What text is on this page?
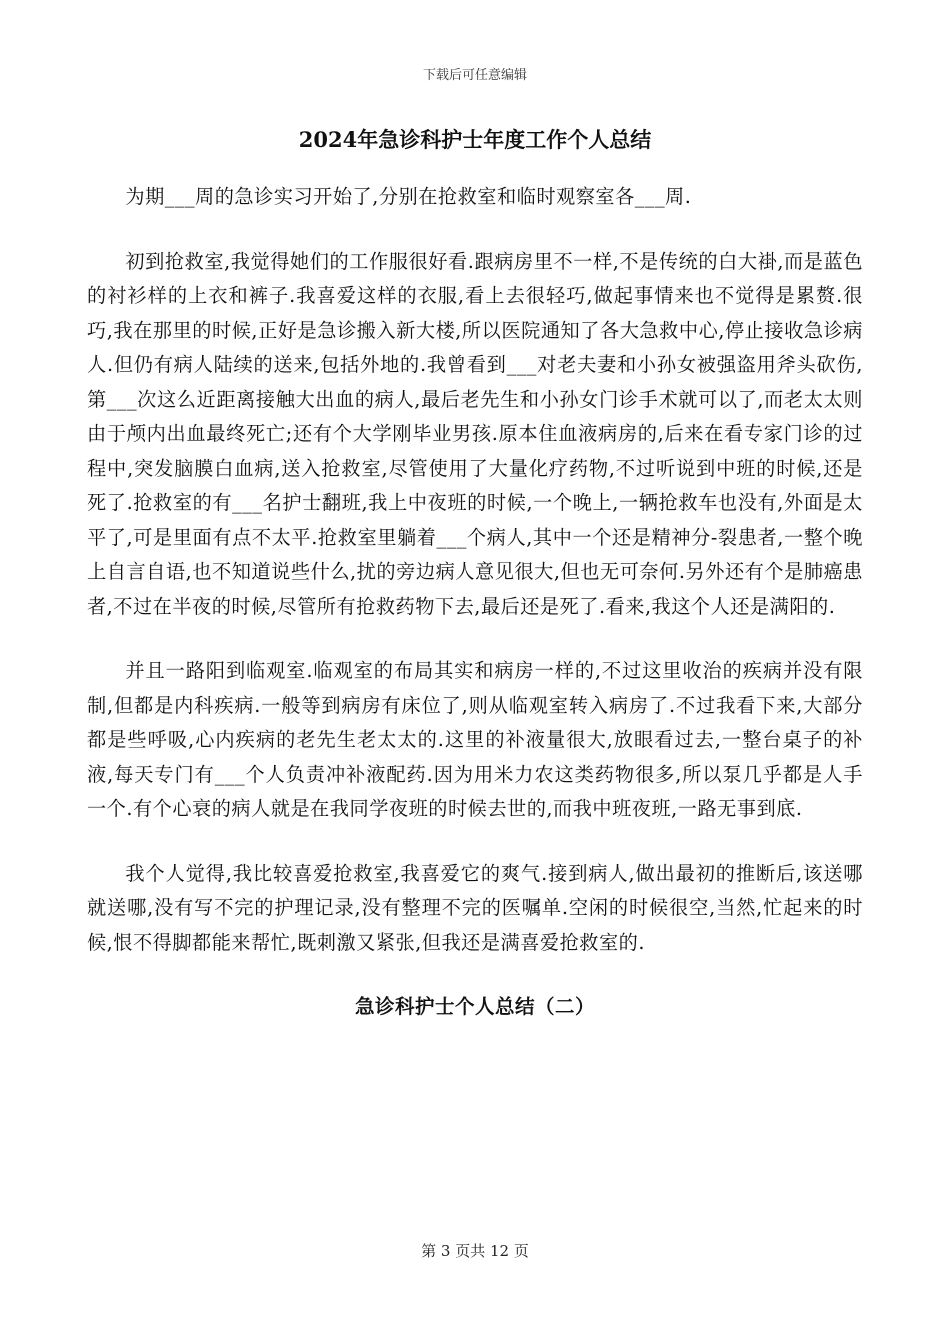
下载后可任意编辑
2024年急诊科护士年度工作个人总结

为期___周的急诊实习开始了,分别在抢救室和临时观察室各___周.

初到抢救室,我觉得她们的工作服很好看.跟病房里不一样,不是传统的白大褂,而是蓝色的衬衫样的上衣和裤子.我喜爱这样的衣服,看上去很轻巧,做起事情来也不觉得是累赘.很巧,我在那里的时候,正好是急诊搬入新大楼,所以医院通知了各大急救中心,停止接收急诊病人.但仍有病人陆续的送来,包括外地的.我曾看到___对老夫妻和小孙女被强盗用斧头砍伤,第___次这么近距离接触大出血的病人,最后老先生和小孙女门诊手术就可以了,而老太太则由于颅内出血最终死亡;还有个大学刚毕业男孩.原本住血液病房的,后来在看专家门诊的过程中,突发脑膜白血病,送入抢救室,尽管使用了大量化疗药物,不过听说到中班的时候,还是死了.抢救室的有___名护士翻班,我上中夜班的时候,一个晚上,一辆抢救车也没有,外面是太平了,可是里面有点不太平.抢救室里躺着___个病人,其中一个还是精神分-裂患者,一整个晚上自言自语,也不知道说些什么,扰的旁边病人意见很大,但也无可奈何.另外还有个是肺癌患者,不过在半夜的时候,尽管所有抢救药物下去,最后还是死了.看来,我这个人还是满阳的.

并且一路阳到临观室.临观室的布局其实和病房一样的,不过这里收治的疾病并没有限制,但都是内科疾病.一般等到病房有床位了,则从临观室转入病房了.不过我看下来,大部分都是些呼吸,心内疾病的老先生老太太的.这里的补液量很大,放眼看过去,一整台桌子的补液,每天专门有___个人负责冲补液配药.因为用米力农这类药物很多,所以泵几乎都是人手一个.有个心衰的病人就是在我同学夜班的时候去世的,而我中班夜班,一路无事到底.

我个人觉得,我比较喜爱抢救室,我喜爱它的爽气.接到病人,做出最初的推断后,该送哪就送哪,没有写不完的护理记录,没有整理不完的医嘱单.空闲的时候很空,当然,忙起来的时候,恨不得脚都能来帮忙,既刺激又紧张,但我还是满喜爱抢救室的.

急诊科护士个人总结（二）
第 3 页共 12 页
